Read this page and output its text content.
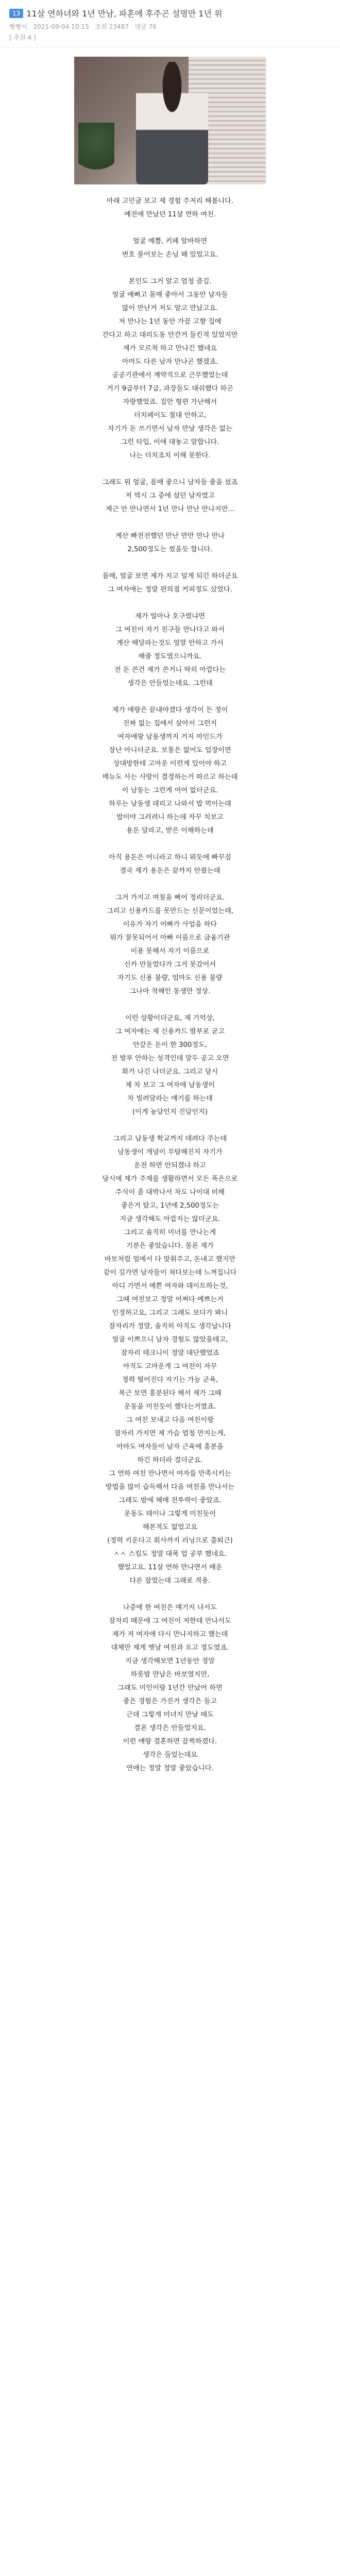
13 11살 연하녀와 1년 만남, 파혼에 후주곤 설명만 1년 위
빵빵이 2021-09-04 10:15 조회 23487 댓글 76
[ 추천 4 ]

아래 고민글 보고 제 경험 주저리 해봅니다.

예전에 만났던 11살 연하 여친.

얼굴 예쁨, 키페 알바하면

번호 물어보는 손님 왜 있었고요.

본인도 그거 알고 엄청 즐김.

얼굴 예뻐고 몸매 좋아서 그동안 남자들

많이 만난거 저도 알고 만났고요.

저 만나는 1년 동안 가끔 고향 집에

간다고 하고 대리도동 안간거 들킨적 있었지만

제가 모르척 하고 만나긴 했네요

아마도 다른 남자 만나곤 했겠죠.

공공기관에서 계약직으로 근무했었는데

거기 9급부터 7급, 과장들도 대쉬했다 하곤

자랑했었죠. 집안 형편 가난해서

더치페이도 절대 안하고,

자기가 돈 쓰기면서 남자 만날 생각은 없는

그런 타입, 이에 대놓고 말합니다.

나는 더치조치 이해 못한다.

그래도 뭐 얼굴, 몸매 좋으니 남자들 줄을 섰죠

저 역시 그 중에 섰던 남자였고

제근 안 만나면서 1년 만나 만난 만나지만...

계산 빠전전했던 만난 만만 만나 만나

2,500정도는 썼을듯 합니다.

몸매, 얼굴 보면 제가 지고 덜게 되긴 하더군요

그 여자애는 정말 편의점 커피정도 샀었다.

제가 얼마나 호구였냐면

그 여친이 자기 친구들 만나다고 와서

계산 해달라는것도 얼말 안하고 가서

해줄 정도였으니까요.

전 돈 쓴건 제가 쓴거니 딱히 아깝다는

생각은 안들었는데요. 그런데

제가 애랑은 끝내야겠다 생각이 든 정이

진짜 없는 집에서 살아서 그런지

여자애랑 남동생까지 거지 마인드가

장난 아니더군요. 보통은 없어도 입장이면

상대방한테 고마운 이런게 있어야 하고

메뉴도 사는 사람이 결정하는거 따르고 하는데

이 남동는 그런게 어어 없더군요.

하루는 남동생 데리고 나와서 밥 먹이는데

밥이야 그러려니 하는데 자꾸 치보고

용돈 달라고, 받은 이해하는데

아직 용돈은 어니라고 하니 뭐듯에 빠꾸짐

결국 제가 용돈은 끝까지 안줬는데

그거 가지고 며칠을 삐어 정리더군요.

그리고 신용카드를 못만드는 신문이었는데,

이유가 자기 어빠가 사업을 하다

뭐가 잘못되어서 아빠 이름으로 금융기관

이용 못해서 자기 이름으로

신카 만들었다가 그거 못갔어서

자기도 신용 불량, 엄마도 신용 불량

그나마 착해인 동생만 정상.

이런 상황이더군요, 제 기억상,

그 여자애는 제 신용카드 발부로 굳고

안갚은 돈이 한 300정도,

전 발부 안하는 성격인데 말두 공고 오면

화가 나긴 나더군요. 그리고 당시

제 차 보고 그 여자애 남동생이

차 빌려달라는 얘기를 하는데

(이게 농담인지 진담인지)

그리고 남동생 학교까지 데려다 주는데

남동생이 개념이 무탐해진지 자기가

운전 하면 안되겠냐 하고

당시에 제가 주제를 생활하면서 모든 폭은으로

주식이 좀 대박나서 차도 나이대 비해

좋은거 탔고, 1년에 2,500정도는

지금 생각해도 아깝지는 않더군요.

그리고 솔직히 미녀를 만나는게

기분은 좋았습니다. 물론 제가

바보처럼 얼에서 다 맞춰주고, 돈내고 했지만

같이 길가면 남자들이 쳐다보는데 느껴집니다

아디 가면서 예쁜 여자와 데이트하는것,

그때 여친보고 정말 어쩌다 예쁘는거

인정하고요, 그리고 그래도 보다가 봐니

잠자리가 정말, 솔직히 아직도 생각납니다

얼굴 이쁘으니 남자 경험도 많았을테고,

잠자리 테크니이 정말 대단했었죠

아직도 고마운게 그 여친이 자꾸

정력 떨어진다 자기는 가능 군욕,

복근 보면 흥분된다 해서 제가 그때

운동을 미친듯이 했다는거였죠.

그 여친 보내고 다음 여친이랑

잠자리 가지면 제 가슴 엄청 만지는게,

아마도 여자들이 남자 근육에 흥분을

하긴 하더라 걸더군요.

그 연하 여친 만나면서 여자를 만족시키는

방법을 많이 습득해서 다음 여친을 만나서는

그래도 밤에 헤매 전투력이 좋았죠.

운동도 테이나 그렇게 미친듯이

해본적도 없었고요

(정력 키운다고 회사까지 러닝으로 출퇴근)

ㅅㅅ 스킬도 정말 대폭 업 공부 했네요.

했었고요. 11살 연하 만나면서 배운

다른 잡었는데 그래로 적용.

나중에 한 여친은 얘기지 나서도

잠자리 때문에 그 여친이 저한테 만나서도

제가 저 여자애 다시 만나지하고 했는데

대체만 제게 옛날 여친과 오고 정도였죠.

지금 생각해보면 1년동안 정말

하룻밤 만남은 바보였지만,

그래도 미인이랑 1년간 만났어 하면

좋은 경험은 가진거 생각은 들고

근데 그렇게 미녀지 만날 때도

결론 생각은 안들었지요.

이런 얘랑 결혼하면 끔찍하겠다.

생각은 들었는데요

연애는 정말 정말 좋았습니다.
